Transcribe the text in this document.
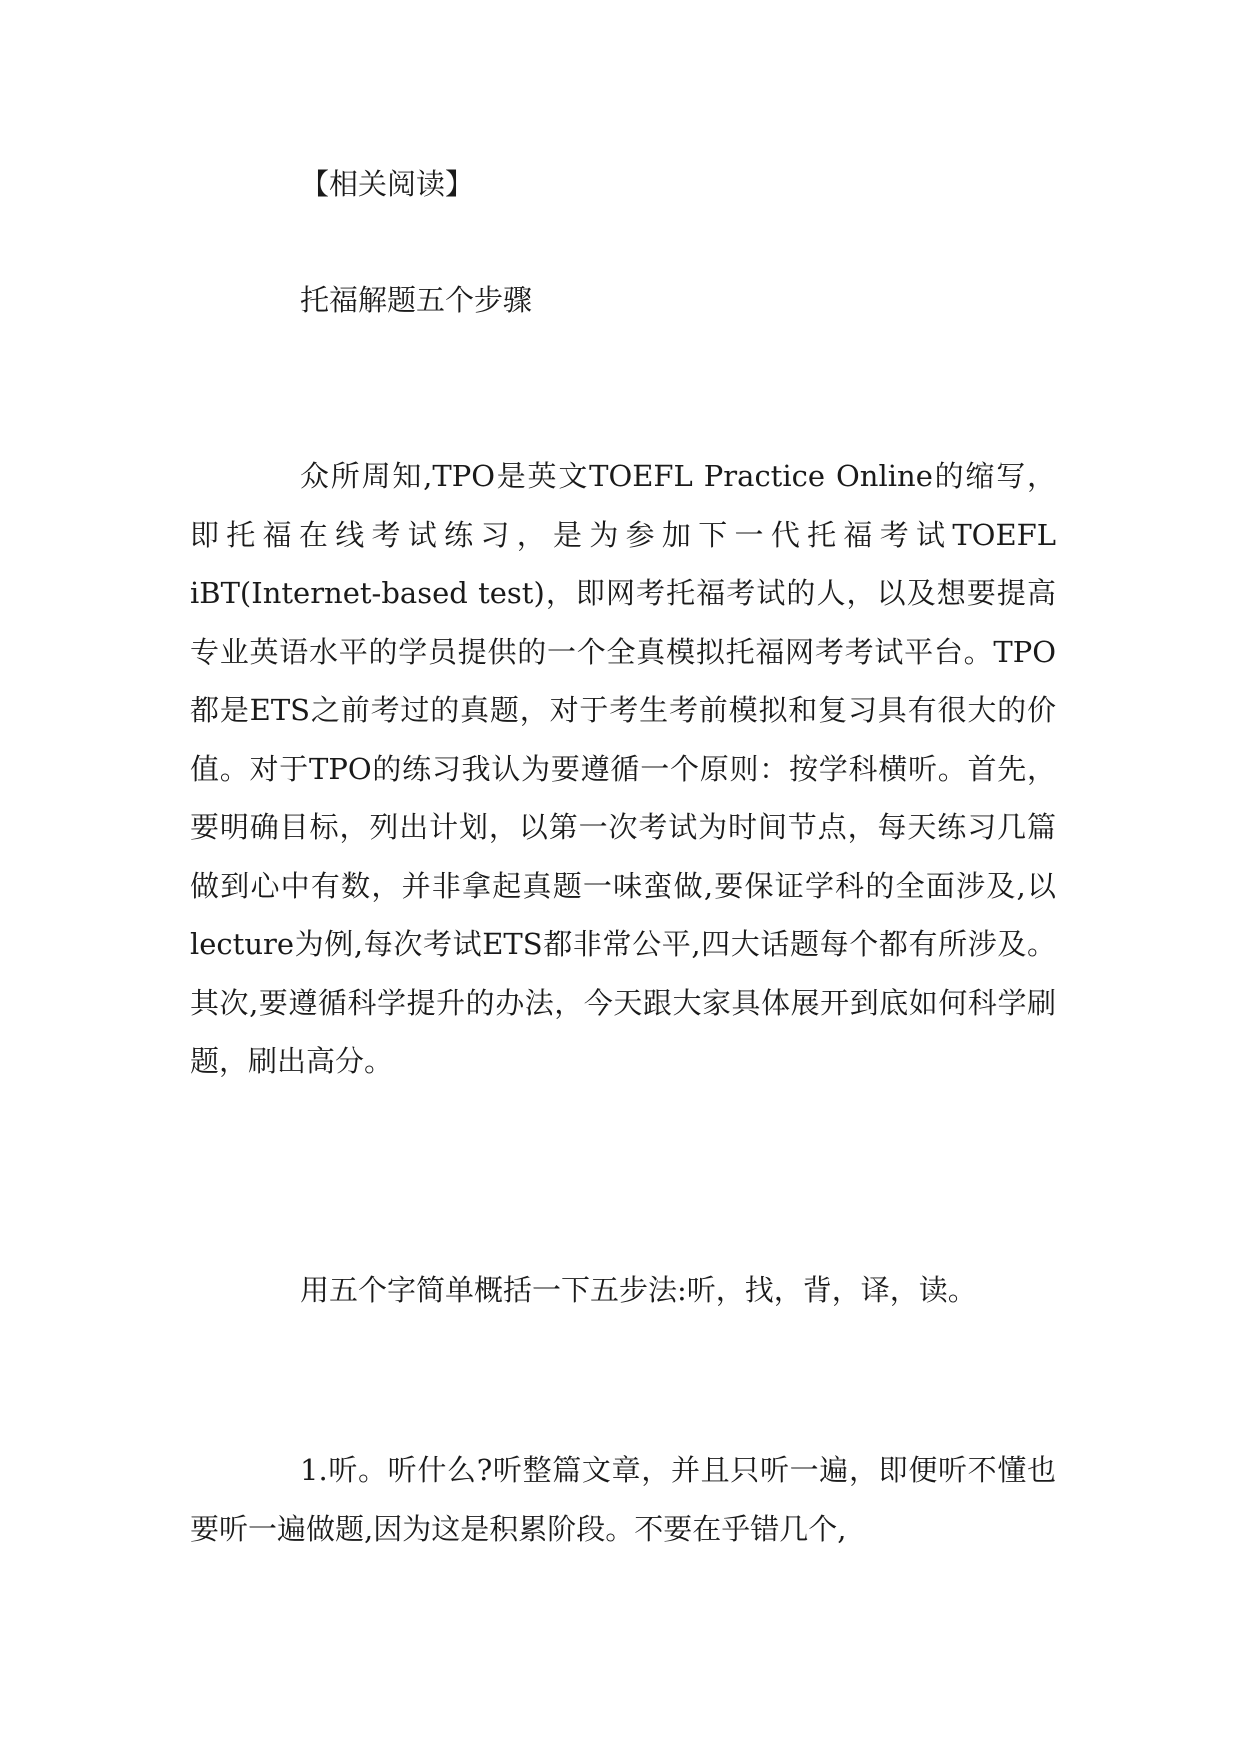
【相关阅读】

托福解题五个步骤

众所周知,TPO是英文TOEFL Practice Online的缩写，即托福在线考试练习，是为参加下一代托福考试TOEFL iBT(Internet-based test)，即网考托福考试的人，以及想要提高专业英语水平的学员提供的一个全真模拟托福网考考试平台。TPO都是ETS之前考过的真题，对于考生考前模拟和复习具有很大的价值。对于TPO的练习我认为要遵循一个原则：按学科横听。首先，要明确目标，列出计划，以第一次考试为时间节点，每天练习几篇做到心中有数，并非拿起真题一味蛮做,要保证学科的全面涉及,以lecture为例,每次考试ETS都非常公平,四大话题每个都有所涉及。其次,要遵循科学提升的办法，今天跟大家具体展开到底如何科学刷题，刷出高分。

用五个字简单概括一下五步法:听，找，背，译，读。

1.听。听什么?听整篇文章，并且只听一遍，即便听不懂也要听一遍做题,因为这是积累阶段。不要在乎错几个,
